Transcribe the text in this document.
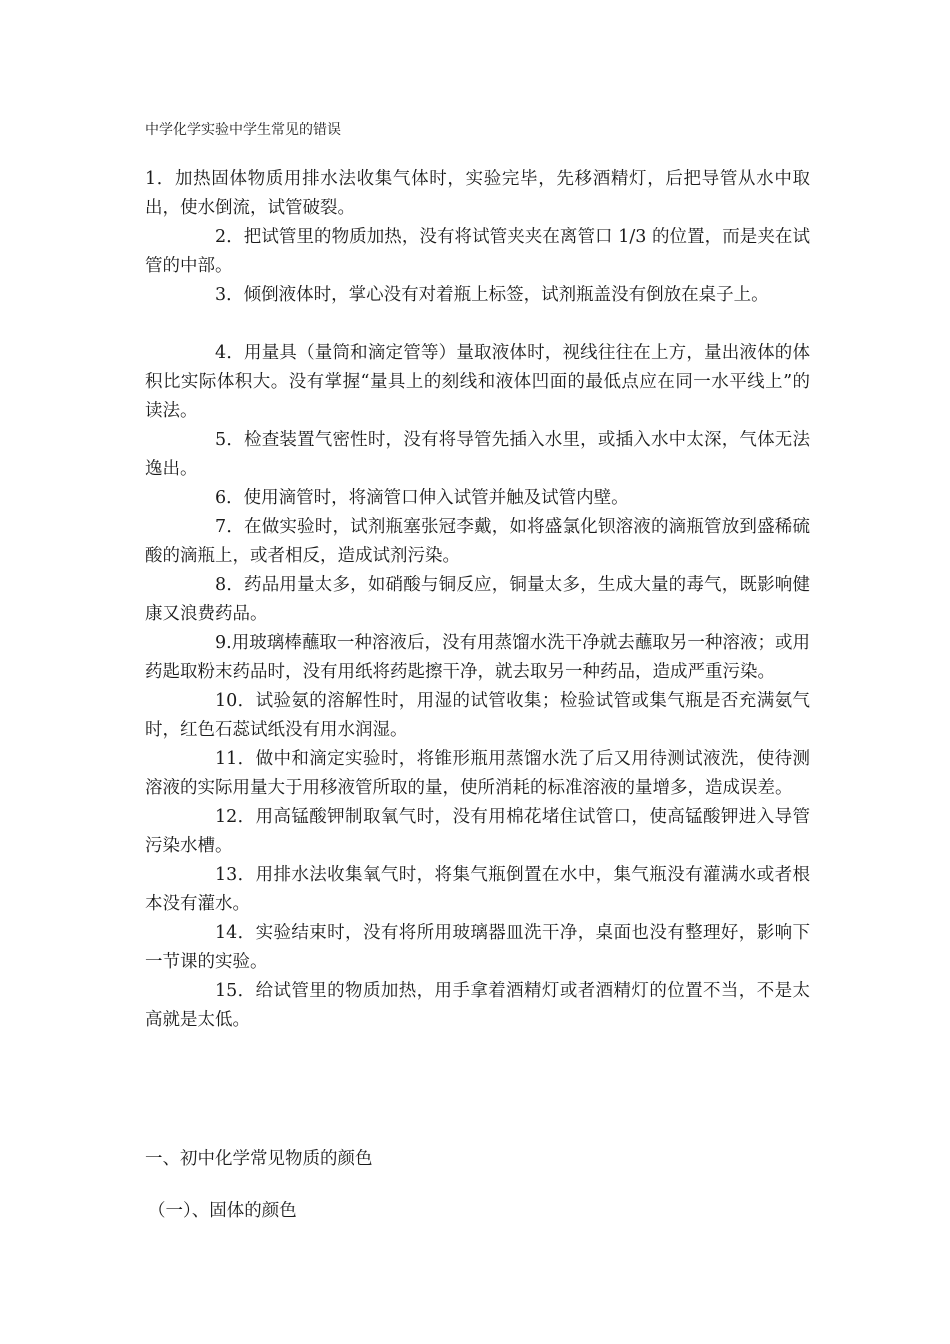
中学化学实验中学生常见的错误

1．加热固体物质用排水法收集气体时，实验完毕，先移酒精灯，后把导管从水中取出，使水倒流，试管破裂。

2．把试管里的物质加热，没有将试管夹夹在离管口 1/3 的位置，而是夹在试管的中部。

3．倾倒液体时，掌心没有对着瓶上标签，试剂瓶盖没有倒放在桌子上。

4．用量具（量筒和滴定管等）量取液体时，视线往往在上方，量出液体的体积比实际体积大。没有掌握“量具上的刻线和液体凹面的最低点应在同一水平线上”的读法。

5．检查装置气密性时，没有将导管先插入水里，或插入水中太深，气体无法逸出。

6．使用滴管时，将滴管口伸入试管并触及试管内壁。

7．在做实验时，试剂瓶塞张冠李戴，如将盛氯化钡溶液的滴瓶管放到盛稀硫酸的滴瓶上，或者相反，造成试剂污染。

8．药品用量太多，如硝酸与铜反应，铜量太多，生成大量的毒气，既影响健康又浪费药品。

9.用玻璃棒蘸取一种溶液后，没有用蒸馏水洗干净就去蘸取另一种溶液；或用药匙取粉末药品时，没有用纸将药匙擦干净，就去取另一种药品，造成严重污染。

10．试验氨的溶解性时，用湿的试管收集；检验试管或集气瓶是否充满氨气时，红色石蕊试纸没有用水润湿。

11．做中和滴定实验时，将锥形瓶用蒸馏水洗了后又用待测试液洗，使待测溶液的实际用量大于用移液管所取的量，使所消耗的标准溶液的量增多，造成误差。

12．用高锰酸钾制取氧气时，没有用棉花堵住试管口，使高锰酸钾进入导管污染水槽。

13．用排水法收集氧气时，将集气瓶倒置在水中，集气瓶没有灌满水或者根本没有灌水。

14．实验结束时，没有将所用玻璃器皿洗干净，桌面也没有整理好，影响下一节课的实验。

15．给试管里的物质加热，用手拿着酒精灯或者酒精灯的位置不当，不是太高就是太低。

一、初中化学常见物质的颜色
（一）、固体的颜色
